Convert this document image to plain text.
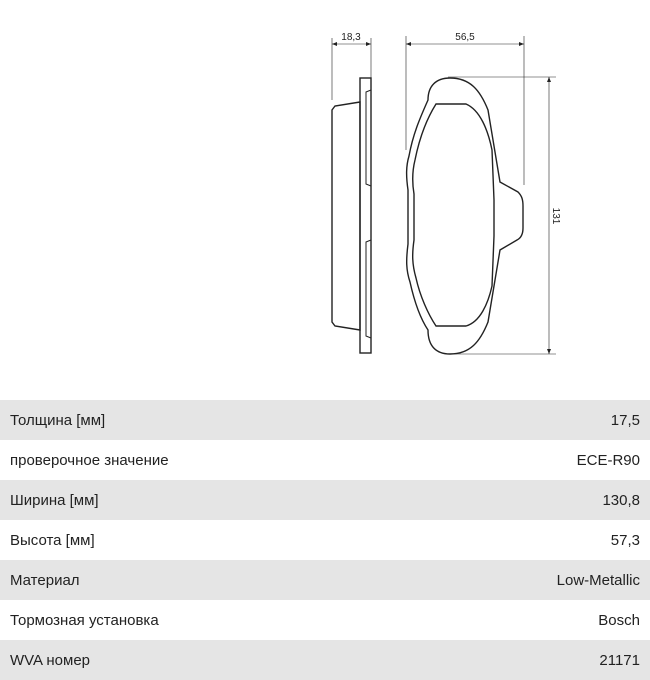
18,3	56,5
131
Толщина [мм]	17,5
проверочное значение	ECE-R90
Ширина [мм]	130,8
Высота [мм]	57,3
Материал	Low-Metallic
Тормозная установка	Bosch
WVA номер	21171
